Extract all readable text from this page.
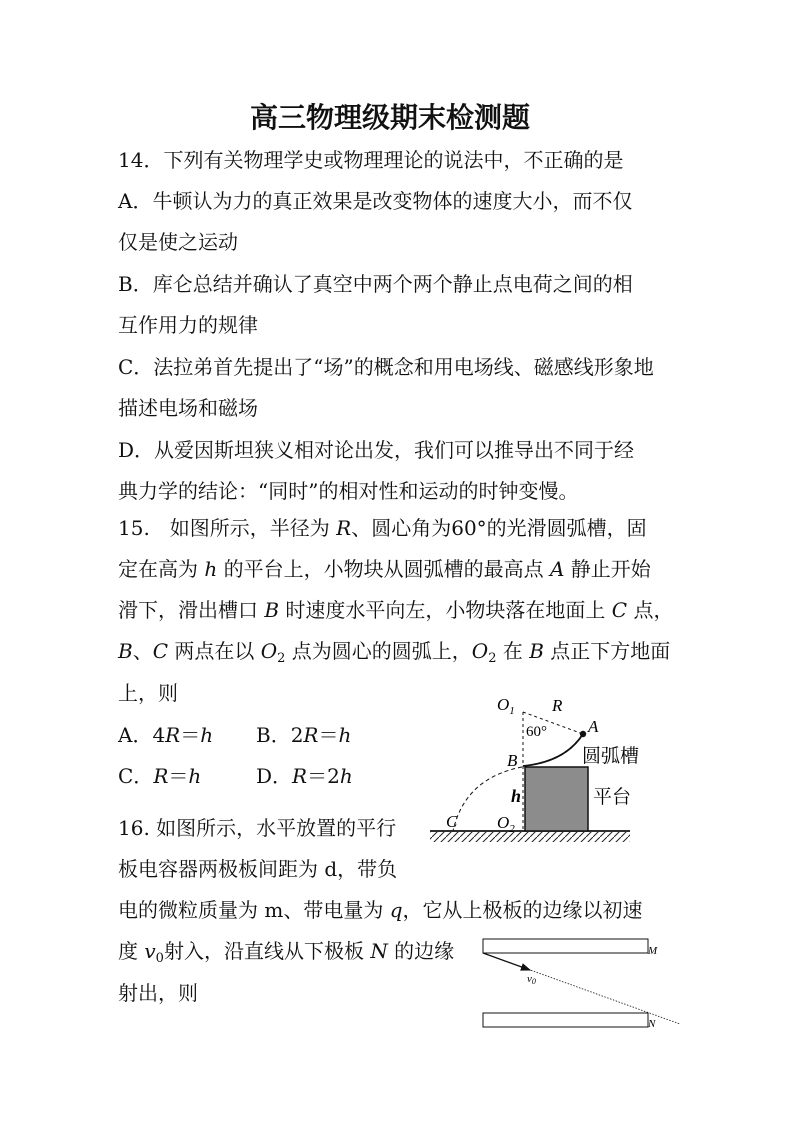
高三物理级期末检测题
14．下列有关物理学史或物理理论的说法中，不正确的是
A．牛顿认为力的真正效果是改变物体的速度大小，而不仅
仅是使之运动
B．库仑总结并确认了真空中两个两个静止点电荷之间的相
互作用力的规律
C．法拉弟首先提出了“场”的概念和用电场线、磁感线形象地
描述电场和磁场
D．从爱因斯坦狭义相对论出发，我们可以推导出不同于经
典力学的结论：“同时”的相对性和运动的时钟变慢。
15.　如图所示，半径为 R、圆心角为60°的光滑圆弧槽，固
定在高为 h 的平台上，小物块从圆弧槽的最高点 A 静止开始
滑下，滑出槽口 B 时速度水平向左，小物块落在地面上 C 点，
B、C 两点在以 $O_2$ 点为圆心的圆弧上，$O_2$ 在 B 点正下方地面
上，则
A．4R＝h B．2R＝h
C．R＝h	D．R＝2h
$O_1$ R
60° A
B	圆弧槽
h	平台
C $O_2$
16. 如图所示，水平放置的平行
板电容器两极板间距为 d，带负
电的微粒质量为 m、带电量为 q，它从上极板的边缘以初速
度 $v_0$射入，沿直线从下极板 N 的边缘
射出，则
v0
M
N
